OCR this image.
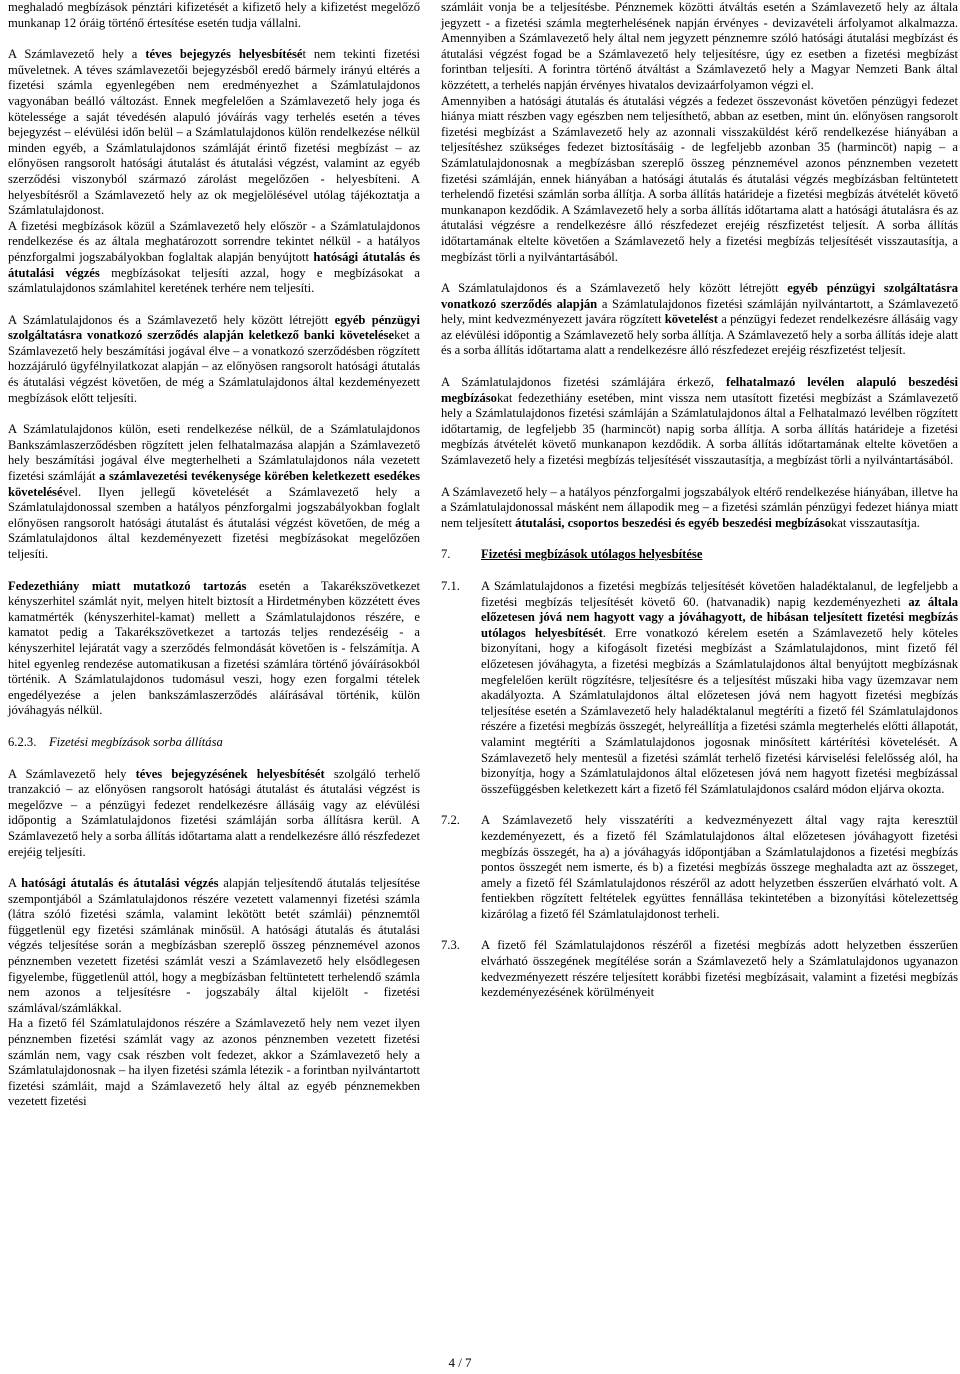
meghaladó megbízások pénztári kifizetését a kifizető hely a kifizetést megelőző munkanap 12 óráig történő értesítése esetén tudja vállalni.

A Számlavezető hely a téves bejegyzés helyesbítését nem tekinti fizetési műveletnek. A téves számlavezetői bejegyzésből eredő bármely irányú eltérés a fizetési számla egyenlegében nem eredményezhet a Számlatulajdonos vagyonában beálló változást. Ennek megfelelően a Számlavezető hely joga és kötelessége a saját tévedésén alapuló jóváírás vagy terhelés esetén a téves bejegyzést – elévülési időn belül – a Számlatulajdonos külön rendelkezése nélkül minden egyéb, a Számlatulajdonos számláját érintő fizetési megbízást – az előnyösen rangsorolt hatósági átutalást és átutalási végzést, valamint az egyéb szerződési viszonyból származó zárolást megelőzően - helyesbíteni. A helyesbítésről a Számlavezető hely az ok megjelölésével utólag tájékoztatja a Számlatulajdonost.

A fizetési megbízások közül a Számlavezető hely először - a Számlatulajdonos rendelkezése és az általa meghatározott sorrendre tekintet nélkül - a hatályos pénzforgalmi jogszabályokban foglaltak alapján benyújtott hatósági átutalás és átutalási végzés megbízásokat teljesíti azzal, hogy e megbízásokat a számlatulajdonos számlahitel keretének terhére nem teljesíti.

A Számlatulajdonos és a Számlavezető hely között létrejött egyéb pénzügyi szolgáltatásra vonatkozó szerződés alapján keletkező banki követeléseket a Számlavezető hely beszámítási jogával élve – a vonatkozó szerződésben rögzített hozzájáruló ügyfélnyilatkozat alapján – az előnyösen rangsorolt hatósági átutalás és átutalási végzést követően, de még a Számlatulajdonos által kezdeményezett megbízások előtt teljesíti.

A Számlatulajdonos külön, eseti rendelkezése nélkül, de a Számlatulajdonos Bankszámlaszerződésben rögzített jelen felhatalmazása alapján a Számlavezető hely beszámítási jogával élve megterhelheti a Számlatulajdonos nála vezetett fizetési számláját a számlavezetési tevékenysége körében keletkezett esedékes követelésével. Ilyen jellegű követelését a Számlavezető hely a Számlatulajdonossal szemben a hatályos pénzforgalmi jogszabályokban foglalt előnyösen rangsorolt hatósági átutalást és átutalási végzést követően, de még a Számlatulajdonos által kezdeményezett fizetési megbízásokat megelőzően teljesíti.

Fedezethiány miatt mutatkozó tartozás esetén a Takarékszövetkezet kényszerhitel számlát nyit, melyen hitelt biztosít a Hirdetményben közzétett éves kamatmérték (kényszerhitel-kamat) mellett a Számlatulajdonos részére, e kamatot pedig a Takarékszövetkezet a tartozás teljes rendezéséig - a kényszerhitel lejáratát vagy a szerződés felmondását követően is - felszámítja. A hitel egyenleg rendezése automatikusan a fizetési számlára történő jóváírásokból történik. A Számlatulajdonos tudomásul veszi, hogy ezen forgalmi tételek engedélyezése a jelen bankszámlaszerződés aláírásával történik, külön jóváhagyás nélkül.

6.2.3. Fizetési megbízások sorba állítása

A Számlavezető hely téves bejegyzésének helyesbítését szolgáló terhelő tranzakció – az előnyösen rangsorolt hatósági átutalást és átutalási végzést is megelőzve – a pénzügyi fedezet rendelkezésre állásáig vagy az elévülési időpontig a Számlatulajdonos fizetési számláján sorba állításra kerül. A Számlavezető hely a sorba állítás időtartama alatt a rendelkezésre álló részfedezet erejéig teljesíti.

A hatósági átutalás és átutalási végzés alapján teljesítendő átutalás teljesítése szempontjából a Számlatulajdonos részére vezetett valamennyi fizetési számla (látra szóló fizetési számla, valamint lekötött betét számlái) pénznemtől függetlenül egy fizetési számlának minősül. A hatósági átutalás és átutalási végzés teljesítése során a megbízásban szereplő összeg pénznemével azonos pénznemben vezetett fizetési számlát veszi a Számlavezető hely elsődlegesen figyelembe, függetlenül attól, hogy a megbízásban feltüntetett terhelendő számla nem azonos a teljesítésre - jogszabály által kijelölt - fizetési számlával/számlákkal.

Ha a fizető fél Számlatulajdonos részére a Számlavezető hely nem vezet ilyen pénznemben fizetési számlát vagy az azonos pénznemben vezetett fizetési számlán nem, vagy csak részben volt fedezet, akkor a Számlavezető hely a Számlatulajdonosnak – ha ilyen fizetési számla létezik - a forintban nyilvántartott fizetési számláit, majd a Számlavezető hely által az egyéb pénznemekben vezetett fizetési

számláit vonja be a teljesítésbe. Pénznemek közötti átváltás esetén a Számlavezető hely az általa jegyzett - a fizetési számla megterhelésének napján érvényes - devizavételi árfolyamot alkalmazza. Amennyiben a Számlavezető hely által nem jegyzett pénznemre szóló hatósági átutalási megbízást és átutalási végzést fogad be a Számlavezető hely teljesítésre, úgy ez esetben a fizetési megbízást forintban teljesíti. A forintra történő átváltást a Számlavezető hely a Magyar Nemzeti Bank által közzétett, a terhelés napján érvényes hivatalos devizaárfolyamon végzi el.

Amennyiben a hatósági átutalás és átutalási végzés a fedezet összevonást követően pénzügyi fedezet hiánya miatt részben vagy egészben nem teljesíthető, abban az esetben, mint ún. előnyösen rangsorolt fizetési megbízást a Számlavezető hely az azonnali visszaküldést kérő rendelkezése hiányában a teljesítéshez szükséges fedezet biztosításáig - de legfeljebb azonban 35 (harmincöt) napig – a Számlatulajdonosnak a megbízásban szereplő összeg pénznemével azonos pénznemben vezetett fizetési számláján, ennek hiányában a hatósági átutalás és átutalási végzés megbízásban feltüntetett terhelendő fizetési számlán sorba állítja. A sorba állítás határideje a fizetési megbízás átvételét követő munkanapon kezdődik. A Számlavezető hely a sorba állítás időtartama alatt a hatósági átutalásra és az átutalási végzésre a rendelkezésre álló részfedezet erejéig részfizetést teljesít. A sorba állítás időtartamának eltelte követően a Számlavezető hely a fizetési megbízás teljesítését visszautasítja, a megbízást törli a nyilvántartásából.

A Számlatulajdonos és a Számlavezető hely között létrejött egyéb pénzügyi szolgáltatásra vonatkozó szerződés alapján a Számlatulajdonos fizetési számláján nyilvántartott, a Számlavezető hely, mint kedvezményezett javára rögzített követelést a pénzügyi fedezet rendelkezésre állásáig vagy az elévülési időpontig a Számlavezető hely sorba állítja. A Számlavezető hely a sorba állítás ideje alatt és a sorba állítás időtartama alatt a rendelkezésre álló részfedezet erejéig részfizetést teljesít.

A Számlatulajdonos fizetési számlájára érkező, felhatalmazó levélen alapuló beszedési megbízásokat fedezethiány esetében, mint vissza nem utasított fizetési megbízást a Számlavezető hely a Számlatulajdonos fizetési számláján a Számlatulajdonos által a Felhatalmazó levélben rögzített időtartamig, de legfeljebb 35 (harmincöt) napig sorba állítja. A sorba állítás határideje a fizetési megbízás átvételét követő munkanapon kezdődik. A sorba állítás időtartamának eltelte követően a Számlavezető hely a fizetési megbízás teljesítését visszautasítja, a megbízást törli a nyilvántartásából.

A Számlavezető hely – a hatályos pénzforgalmi jogszabályok eltérő rendelkezése hiányában, illetve ha a Számlatulajdonossal másként nem állapodik meg – a fizetési számlán pénzügyi fedezet hiánya miatt nem teljesített átutalási, csoportos beszedési és egyéb beszedési megbízásokat visszautasítja.

7. Fizetési megbízások utólagos helyesbítése
7.1. A Számlatulajdonos a fizetési megbízás teljesítését követően haladéktalanul, de legfeljebb a fizetési megbízás teljesítését követő 60. (hatvanadik) napig kezdeményezheti az általa előzetesen jóvá nem hagyott vagy a jóváhagyott, de hibásan teljesített fizetési megbízás utólagos helyesbítését. Erre vonatkozó kérelem esetén a Számlavezető hely köteles bizonyítani, hogy a kifogásolt fizetési megbízást a Számlatulajdonos, mint fizető fél előzetesen jóváhagyta, a fizetési megbízás a Számlatulajdonos által benyújtott megbízásnak megfelelően került rögzítésre, teljesítésre és a teljesítést műszaki hiba vagy üzemzavar nem akadályozta. A Számlatulajdonos által előzetesen jóvá nem hagyott fizetési megbízás teljesítése esetén a Számlavezető hely haladéktalanul megtéríti a fizető fél Számlatulajdonos részére a fizetési megbízás összegét, helyreállítja a fizetési számla megterhelés előtti állapotát, valamint megtéríti a Számlatulajdonos jogosnak minősített kártérítési követelését. A Számlavezető hely mentesül a fizetési számlát terhelő fizetési kárviselési felelősség alól, ha bizonyítja, hogy a Számlatulajdonos által előzetesen jóvá nem hagyott fizetési megbízással összefüggésben keletkezett kárt a fizető fél Számlatulajdonos csalárd módon eljárva okozta.

7.2. A Számlavezető hely visszatéríti a kedvezményezett által vagy rajta keresztül kezdeményezett, és a fizető fél Számlatulajdonos által előzetesen jóváhagyott fizetési megbízás összegét, ha a) a jóváhagyás időpontjában a Számlatulajdonos a fizetési megbízás pontos összegét nem ismerte, és b) a fizetési megbízás összege meghaladta azt az összeget, amely a fizető fél Számlatulajdonos részéről az adott helyzetben ésszerűen elvárható volt. A fentiekben rögzített feltételek együttes fennállása tekintetében a bizonyítási kötelezettség kizárólag a fizető fél Számlatulajdonost terheli.

7.3. A fizető fél Számlatulajdonos részéről a fizetési megbízás adott helyzetben ésszerűen elvárható összegének megítélése során a Számlavezető hely a Számlatulajdonos ugyanazon kedvezményezett részére teljesített korábbi fizetési megbízásait, valamint a fizetési megbízás kezdeményezésének körülményeit

4 / 7
